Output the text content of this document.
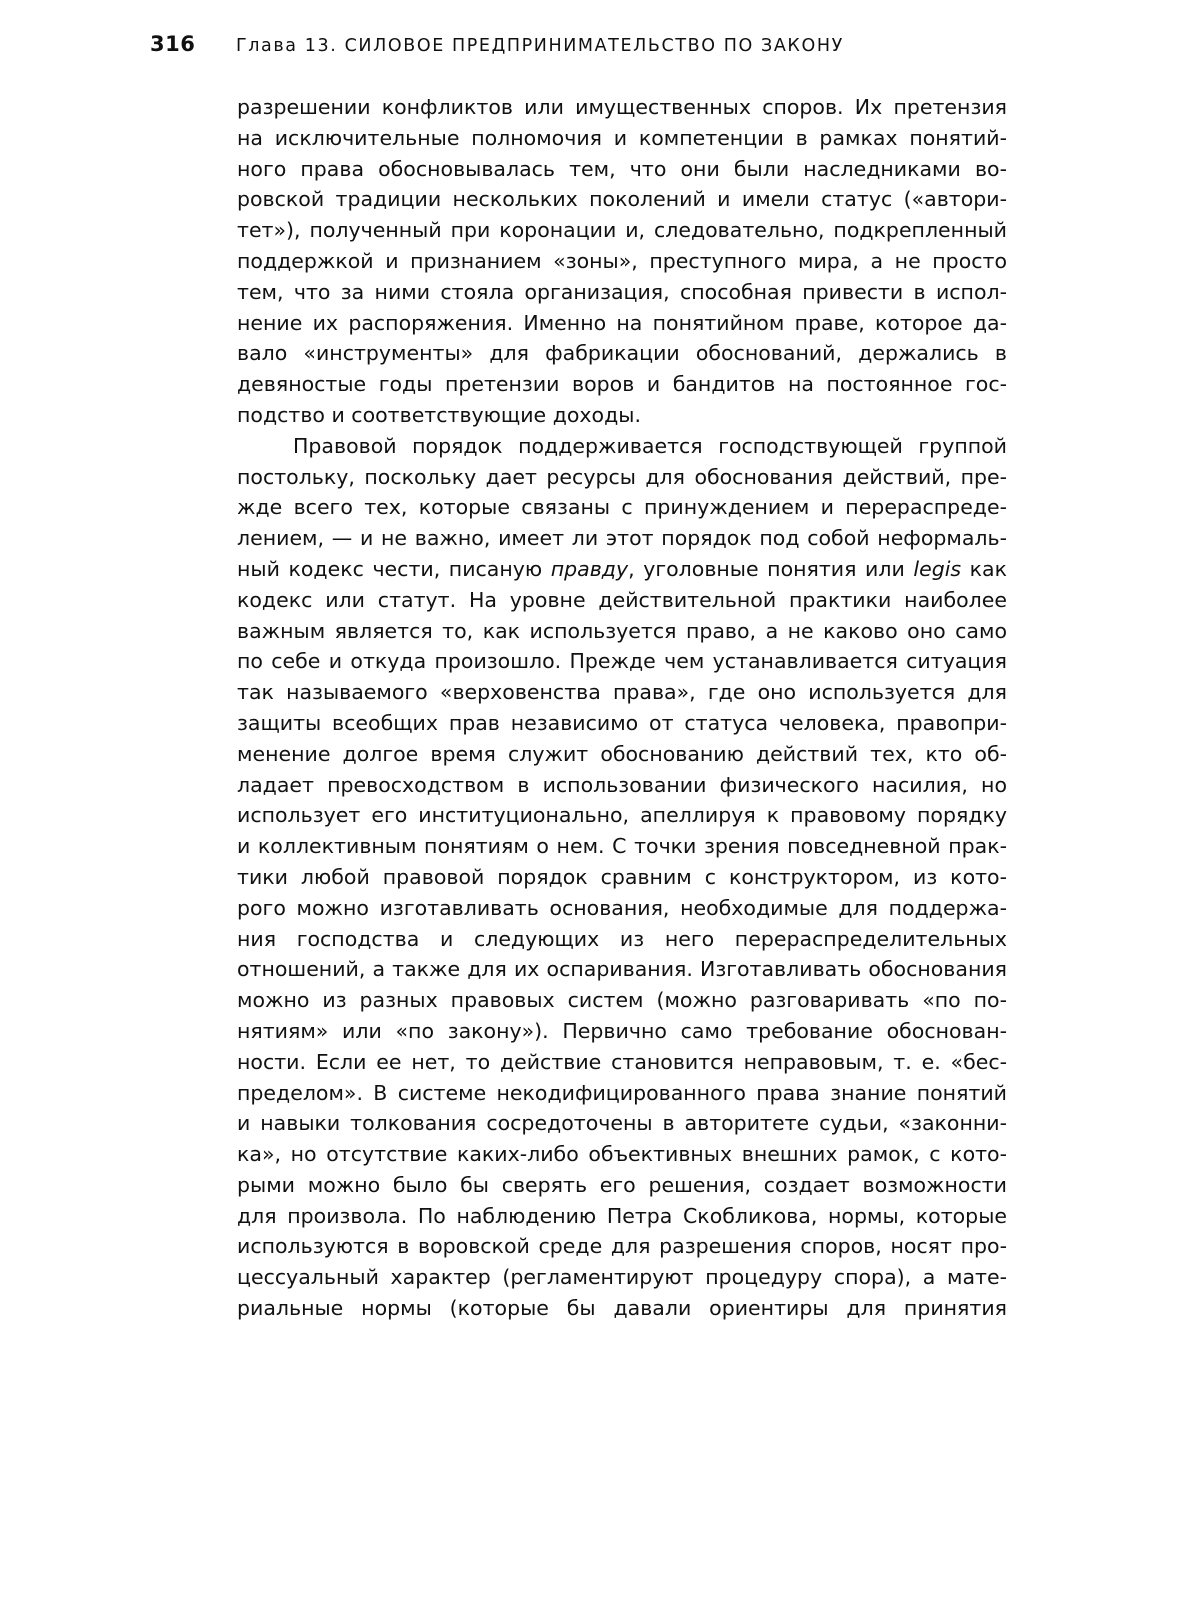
316	Глава 13. СИЛОВОЕ ПРЕДПРИНИМАТЕЛЬСТВО ПО ЗАКОНУ
разрешении конфликтов или имущественных споров. Их претензия
на исключительные полномочия и компетенции в рамках понятий-
ного права обосновывалась тем, что они были наследниками во-
ровской традиции нескольких поколений и имели статус («автори-
тет»), полученный при коронации и, следовательно, подкрепленный
поддержкой и признанием «зоны», преступного мира, а не просто
тем, что за ними стояла организация, способная привести в испол-
нение их распоряжения. Именно на понятийном праве, которое да-
вало «инструменты» для фабрикации обоснований, держались в
девяностые годы претензии воров и бандитов на постоянное гос-
подство и соответствующие доходы.
Правовой порядок поддерживается господствующей группой
постольку, поскольку дает ресурсы для обоснования действий, пре-
жде всего тех, которые связаны с принуждением и перераспреде-
лением, — и не важно, имеет ли этот порядок под собой неформаль-
ный кодекс чести, писаную правду, уголовные понятия или legis как
кодекс или статут. На уровне действительной практики наиболее
важным является то, как используется право, а не каково оно само
по себе и откуда произошло. Прежде чем устанавливается ситуация
так называемого «верховенства права», где оно используется для
защиты всеобщих прав независимо от статуса человека, правопри-
менение долгое время служит обоснованию действий тех, кто об-
ладает превосходством в использовании физического насилия, но
использует его институционально, апеллируя к правовому порядку
и коллективным понятиям о нем. С точки зрения повседневной прак-
тики любой правовой порядок сравним с конструктором, из кото-
рого можно изготавливать основания, необходимые для поддержа-
ния господства и следующих из него перераспределительных
отношений, а также для их оспаривания. Изготавливать обоснования
можно из разных правовых систем (можно разговаривать «по по-
нятиям» или «по закону»). Первично само требование обоснован-
ности. Если ее нет, то действие становится неправовым, т. е. «бес-
пределом». В системе некодифицированного права знание понятий
и навыки толкования сосредоточены в авторитете судьи, «законни-
ка», но отсутствие каких-либо объективных внешних рамок, с кото-
рыми можно было бы сверять его решения, создает возможности
для произвола. По наблюдению Петра Скобликова, нормы, которые
используются в воровской среде для разрешения споров, носят про-
цессуальный характер (регламентируют процедуру спора), а мате-
риальные нормы (которые бы давали ориентиры для принятия
